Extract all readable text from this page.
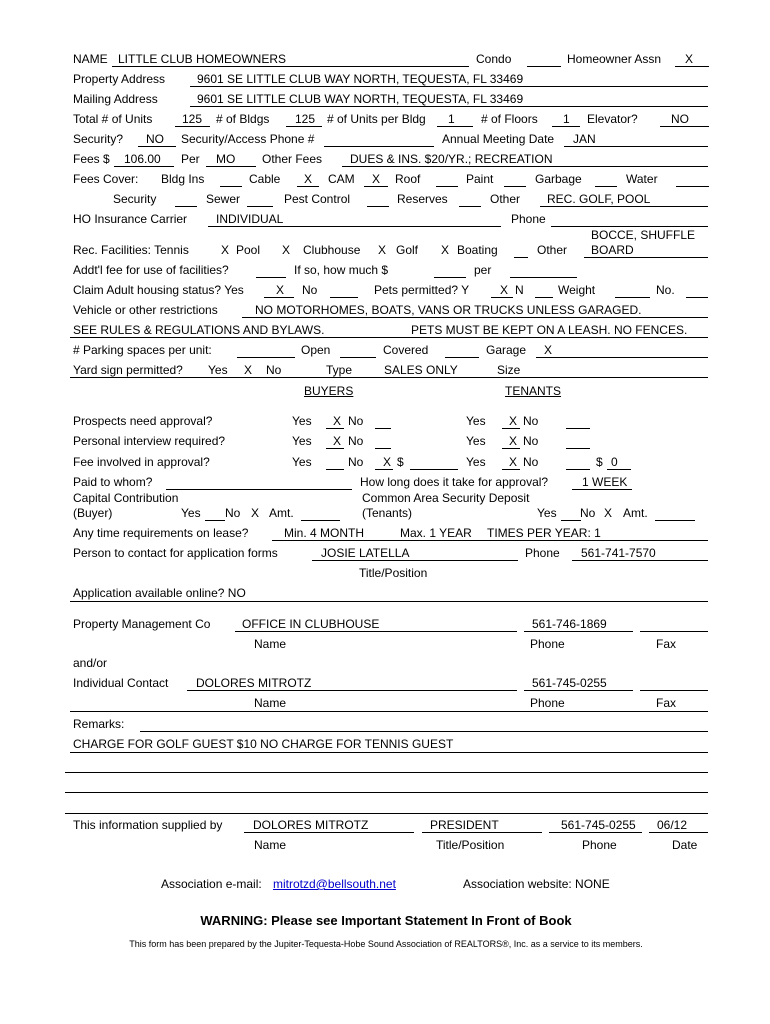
NAME LITTLE CLUB HOMEOWNERS	Condo	Homeowner Assn X
Property Address	9601 SE LITTLE CLUB WAY NORTH, TEQUESTA, FL 33469
Mailing Address	9601 SE LITTLE CLUB WAY NORTH, TEQUESTA, FL 33469
Total # of Units 125 # of Bldgs 125 # of Units per Bldg 1 # of Floors 1 Elevator?	NO
Security? NO Security/Access Phone #	Annual Meeting Date JAN
Fees $ 106.00 Per MO Other Fees DUES & INS. $20/YR.; RECREATION
Fees Cover: Bldg Ins	Cable X CAM X Roof	Paint	Garbage	Water
Security	Sewer	Pest Control	Reserves	Other REC. GOLF, POOL
HO Insurance Carrier INDIVIDUAL	Phone
BOCCE, SHUFFLE
Rec. Facilities: Tennis	X Pool X Clubhouse X Golf X Boating	Other BOARD
Addt'l fee for use of facilities?	If so, how much $	per
Claim Adult housing status? Yes	X No	Pets permitted? Y	X N	Weight	No.
Vehicle or other restrictions	NO MOTORHOMES, BOATS, VANS OR TRUCKS UNLESS GARAGED.
SEE RULES & REGULATIONS AND BYLAWS.	PETS MUST BE KEPT ON A LEASH. NO FENCES.
# Parking spaces per unit:	Open	Covered	Garage X
Yard sign permitted? Yes X No	Type	SALES ONLY	Size
BUYERS	TENANTS
Prospects need approval?	Yes X No	Yes X No
Personal interview required?	Yes X No	Yes X No
Fee involved in approval?	Yes	No X $	Yes X No	$ 0
Paid to whom?	How long does it take for approval?	1 WEEK
Capital Contribution
(Buyer)	Yes No X Amt.
Common Area Security Deposit
(Tenants)	Yes No X Amt.
Any time requirements on lease?	Min. 4 MONTH	Max. 1 YEAR TIMES PER YEAR: 1
Person to contact for application forms	JOSIE LATELLA	Phone 561-741-7570
Title/Position
Application available online? NO
Property Management Co	OFFICE IN CLUBHOUSE	561-746-1869
Name	Phone	Fax
and/or
Individual Contact DOLORES MITROTZ	561-745-0255
Name	Phone	Fax
Remarks:
CHARGE FOR GOLF GUEST $10 NO CHARGE FOR TENNIS GUEST
This information supplied by	DOLORES MITROTZ	PRESIDENT	561-745-0255 06/12
Name	Title/Position	Phone	Date
Association e-mail: mitrotzd@bellsouth.net	Association website: NONE
WARNING: Please see Important Statement In Front of Book
This form has been prepared by the Jupiter-Tequesta-Hobe Sound Association of REALTORS®, Inc. as a service to its members.
